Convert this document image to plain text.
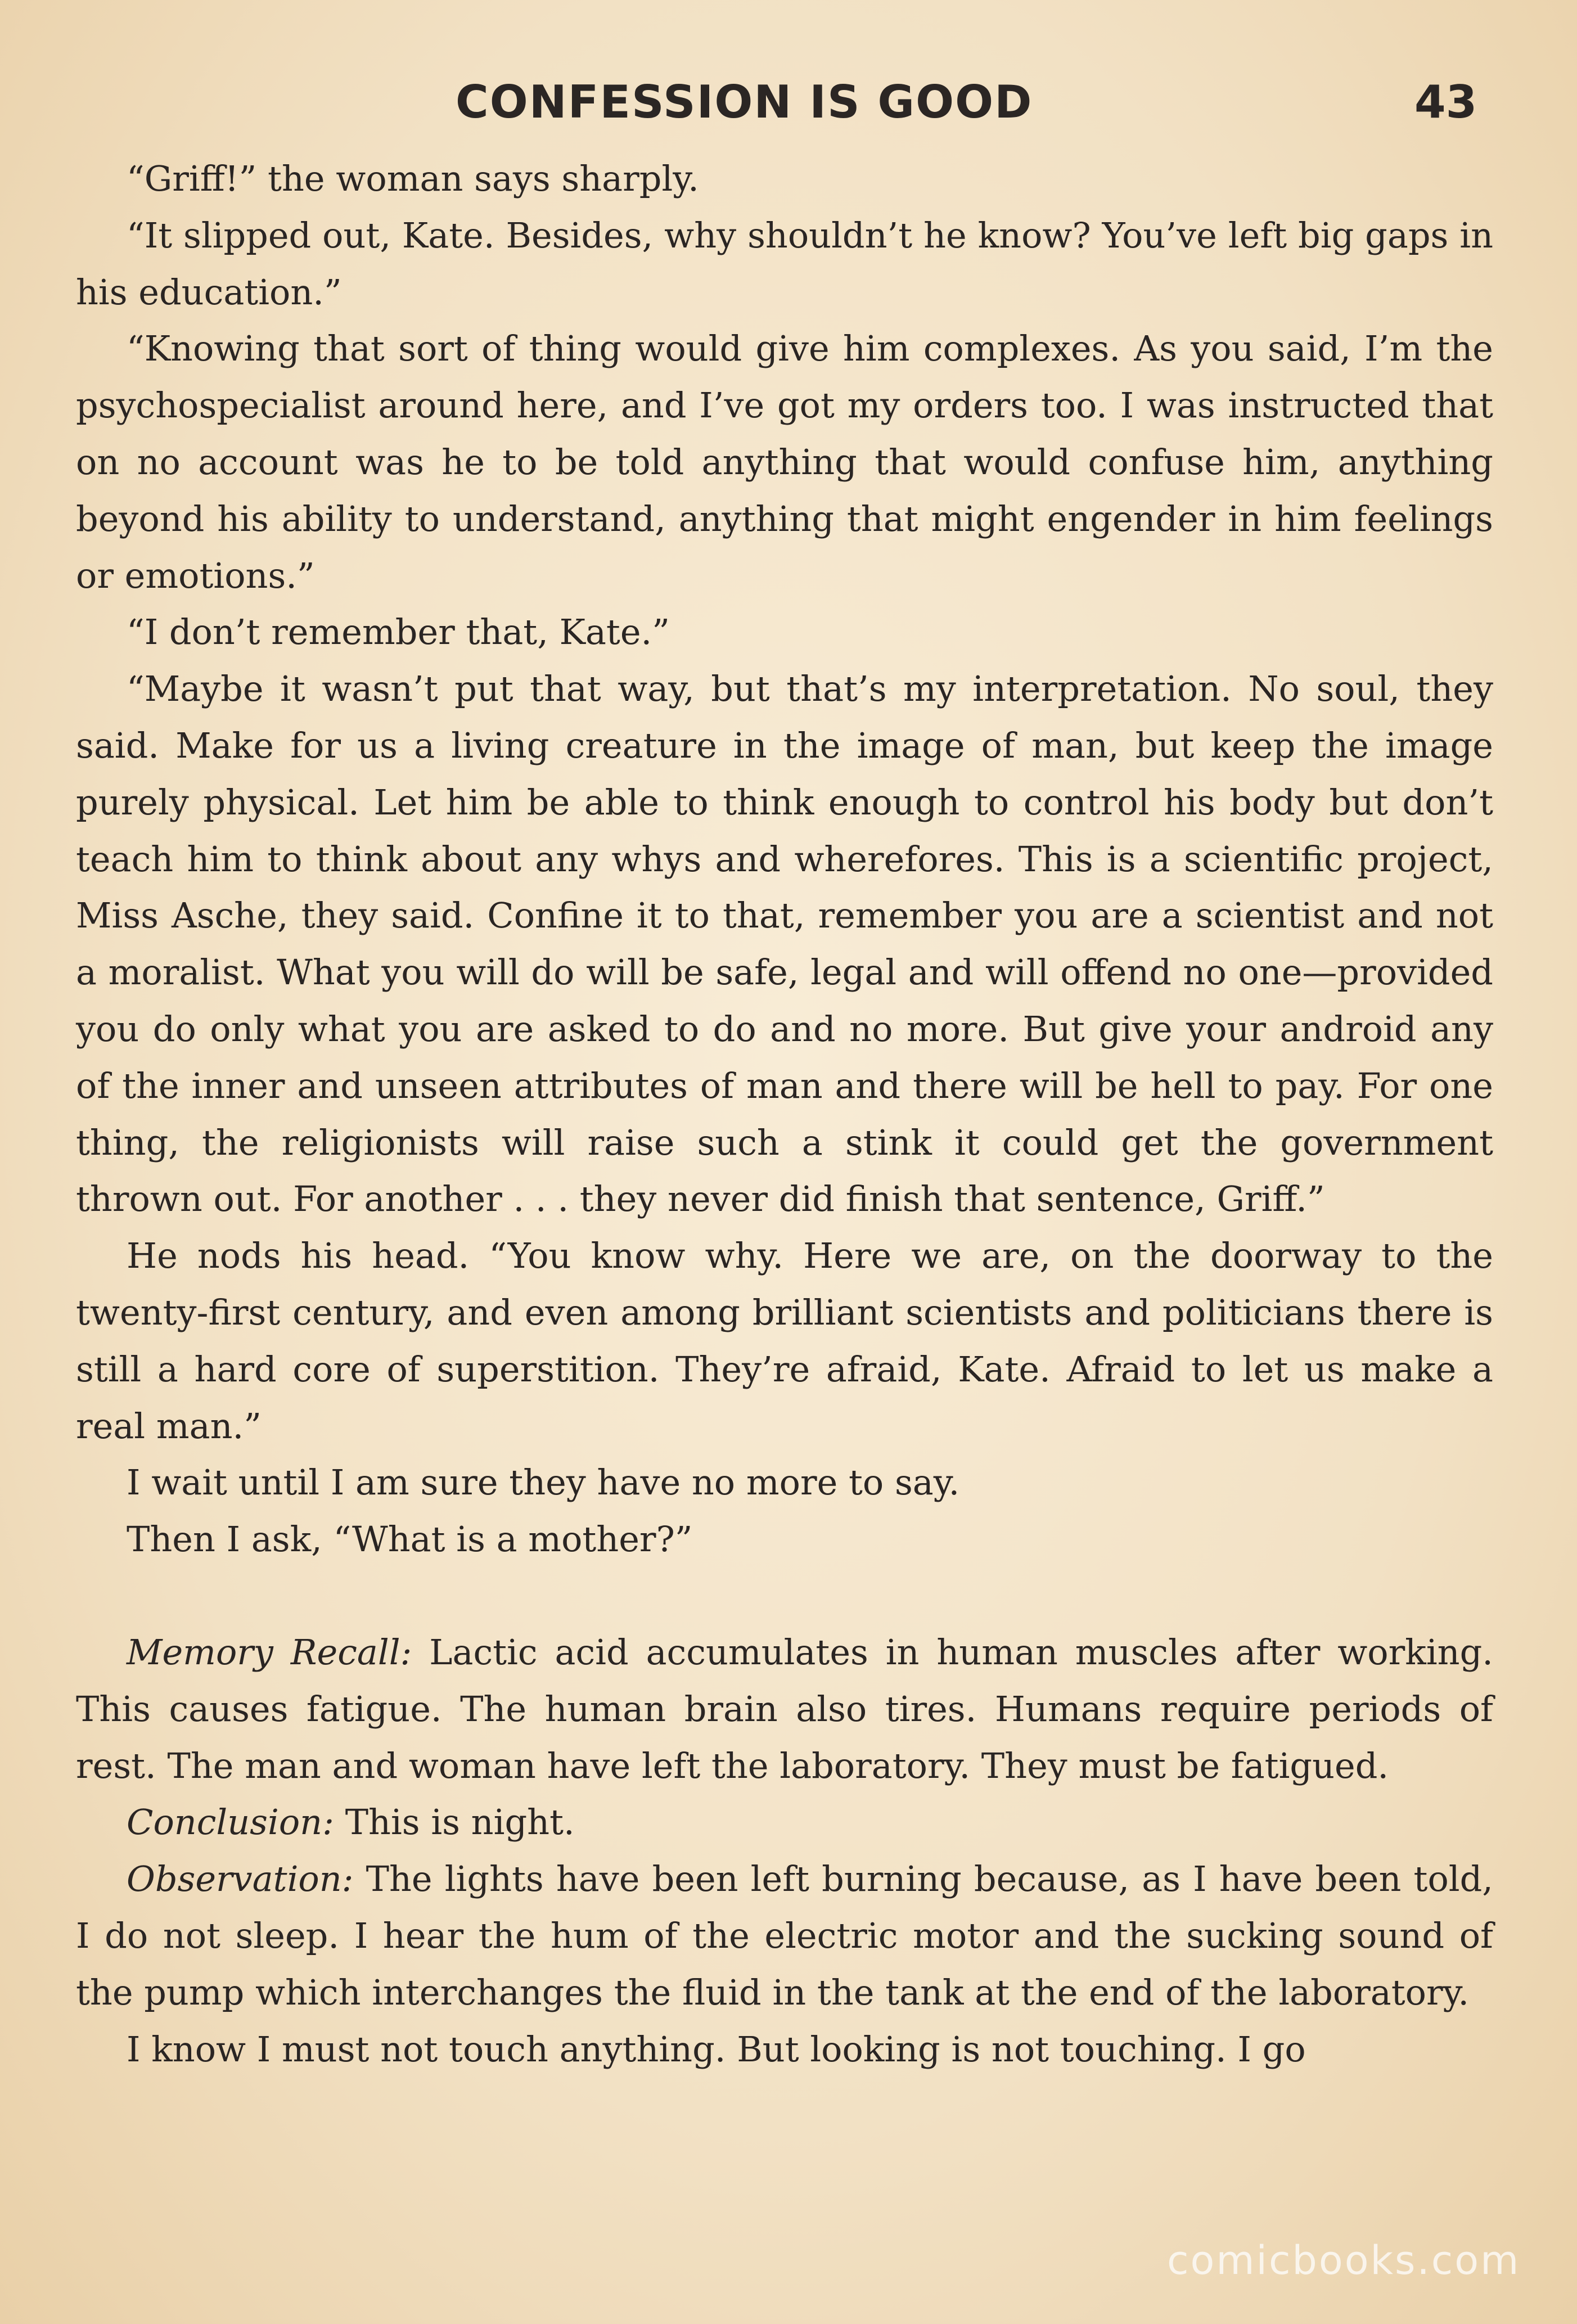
CONFESSION IS GOOD	43

“Griff!” the woman says sharply.

“It slipped out, Kate. Besides, why shouldn’t he know? You’ve left big gaps in his education.”

“Knowing that sort of thing would give him complexes. As you said, I’m the psychospecialist around here, and I’ve got my orders too. I was instructed that on no account was he to be told anything that would confuse him, anything beyond his ability to understand, anything that might engender in him feelings or emotions.”

“I don’t remember that, Kate.”

“Maybe it wasn’t put that way, but that’s my interpretation. No soul, they said. Make for us a living creature in the image of man, but keep the image purely physical. Let him be able to think enough to control his body but don’t teach him to think about any whys and wherefores. This is a scientific project, Miss Asche, they said. Confine it to that, remember you are a scientist and not a moralist. What you will do will be safe, legal and will offend no one—provided you do only what you are asked to do and no more. But give your android any of the inner and unseen attributes of man and there will be hell to pay. For one thing, the religionists will raise such a stink it could get the government thrown out. For another . . . they never did finish that sentence, Griff.”

He nods his head. “You know why. Here we are, on the doorway to the twenty-first century, and even among brilliant scientists and politicians there is still a hard core of superstition. They’re afraid, Kate. Afraid to let us make a real man.”

I wait until I am sure they have no more to say.

Then I ask, “What is a mother?”

Memory Recall: Lactic acid accumulates in human muscles after working. This causes fatigue. The human brain also tires. Humans require periods of rest. The man and woman have left the laboratory. They must be fatigued.

Conclusion: This is night.

Observation: The lights have been left burning because, as I have been told, I do not sleep. I hear the hum of the electric motor and the sucking sound of the pump which interchanges the fluid in the tank at the end of the laboratory.

I know I must not touch anything. But looking is not touching. I go

comicbooks.com
